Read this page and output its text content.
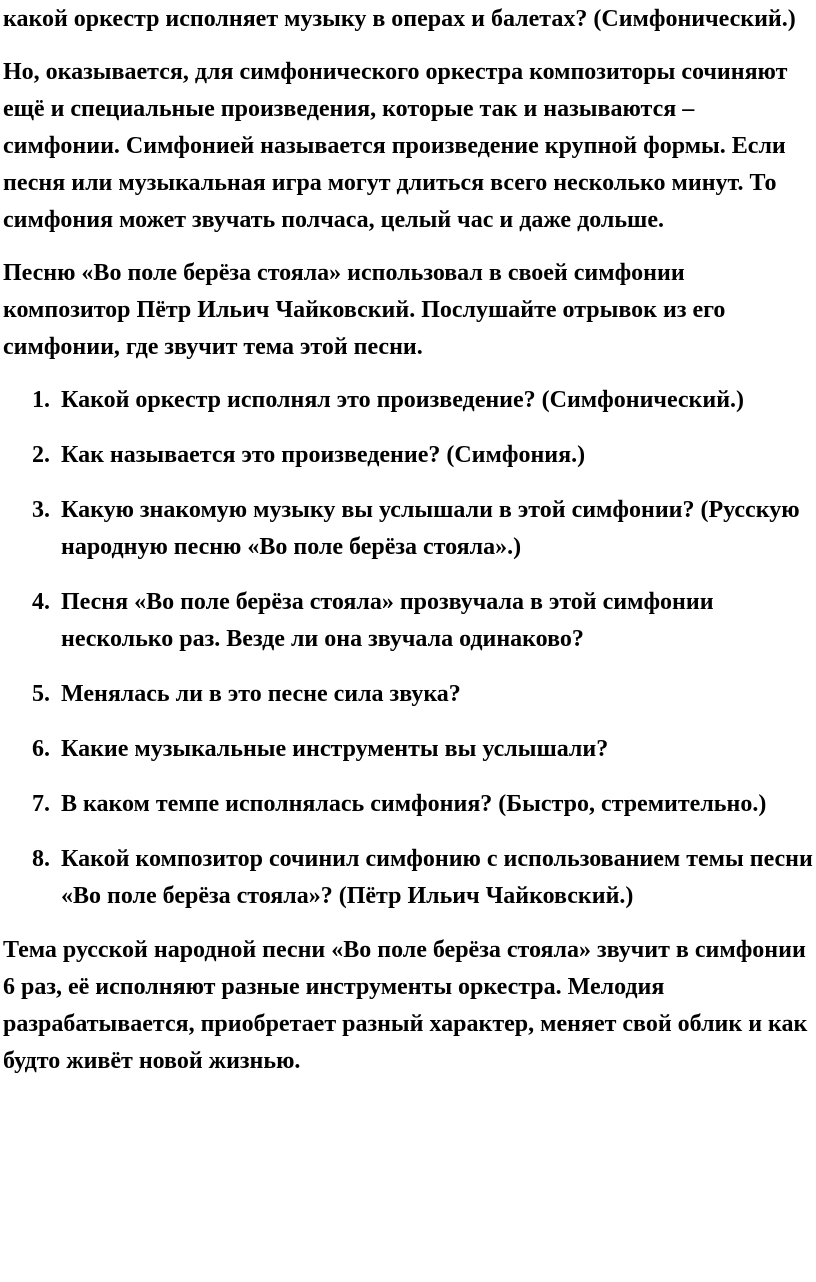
какой оркестр исполняет музыку в операх и балетах? (Симфонический.)

Но, оказывается, для симфонического оркестра композиторы сочиняют ещё и специальные произведения, которые так и называются – симфонии. Симфонией называется произведение крупной формы. Если песня или музыкальная игра могут длиться всего несколько минут. То симфония может звучать полчаса, целый час и даже дольше.

Песню «Во поле берёза стояла» использовал в своей симфонии композитор Пётр Ильич Чайковский. Послушайте отрывок из его симфонии, где звучит тема этой песни.

1. Какой оркестр исполнял это произведение? (Симфонический.)
2. Как называется это произведение? (Симфония.)
3. Какую знакомую музыку вы услышали в этой симфонии? (Русскую народную песню «Во поле берёза стояла».)
4. Песня «Во поле берёза стояла» прозвучала в этой симфонии несколько раз. Везде ли она звучала одинаково?
5. Менялась ли в это песне сила звука?
6. Какие музыкальные инструменты вы услышали?
7. В каком темпе исполнялась симфония? (Быстро, стремительно.)
8. Какой композитор сочинил симфонию с использованием темы песни «Во поле берёза стояла»? (Пётр Ильич Чайковский.)

Тема русской народной песни «Во поле берёза стояла» звучит в симфонии 6 раз, её исполняют разные инструменты оркестра. Мелодия разрабатывается, приобретает разный характер, меняет свой облик и как будто живёт новой жизнью.
